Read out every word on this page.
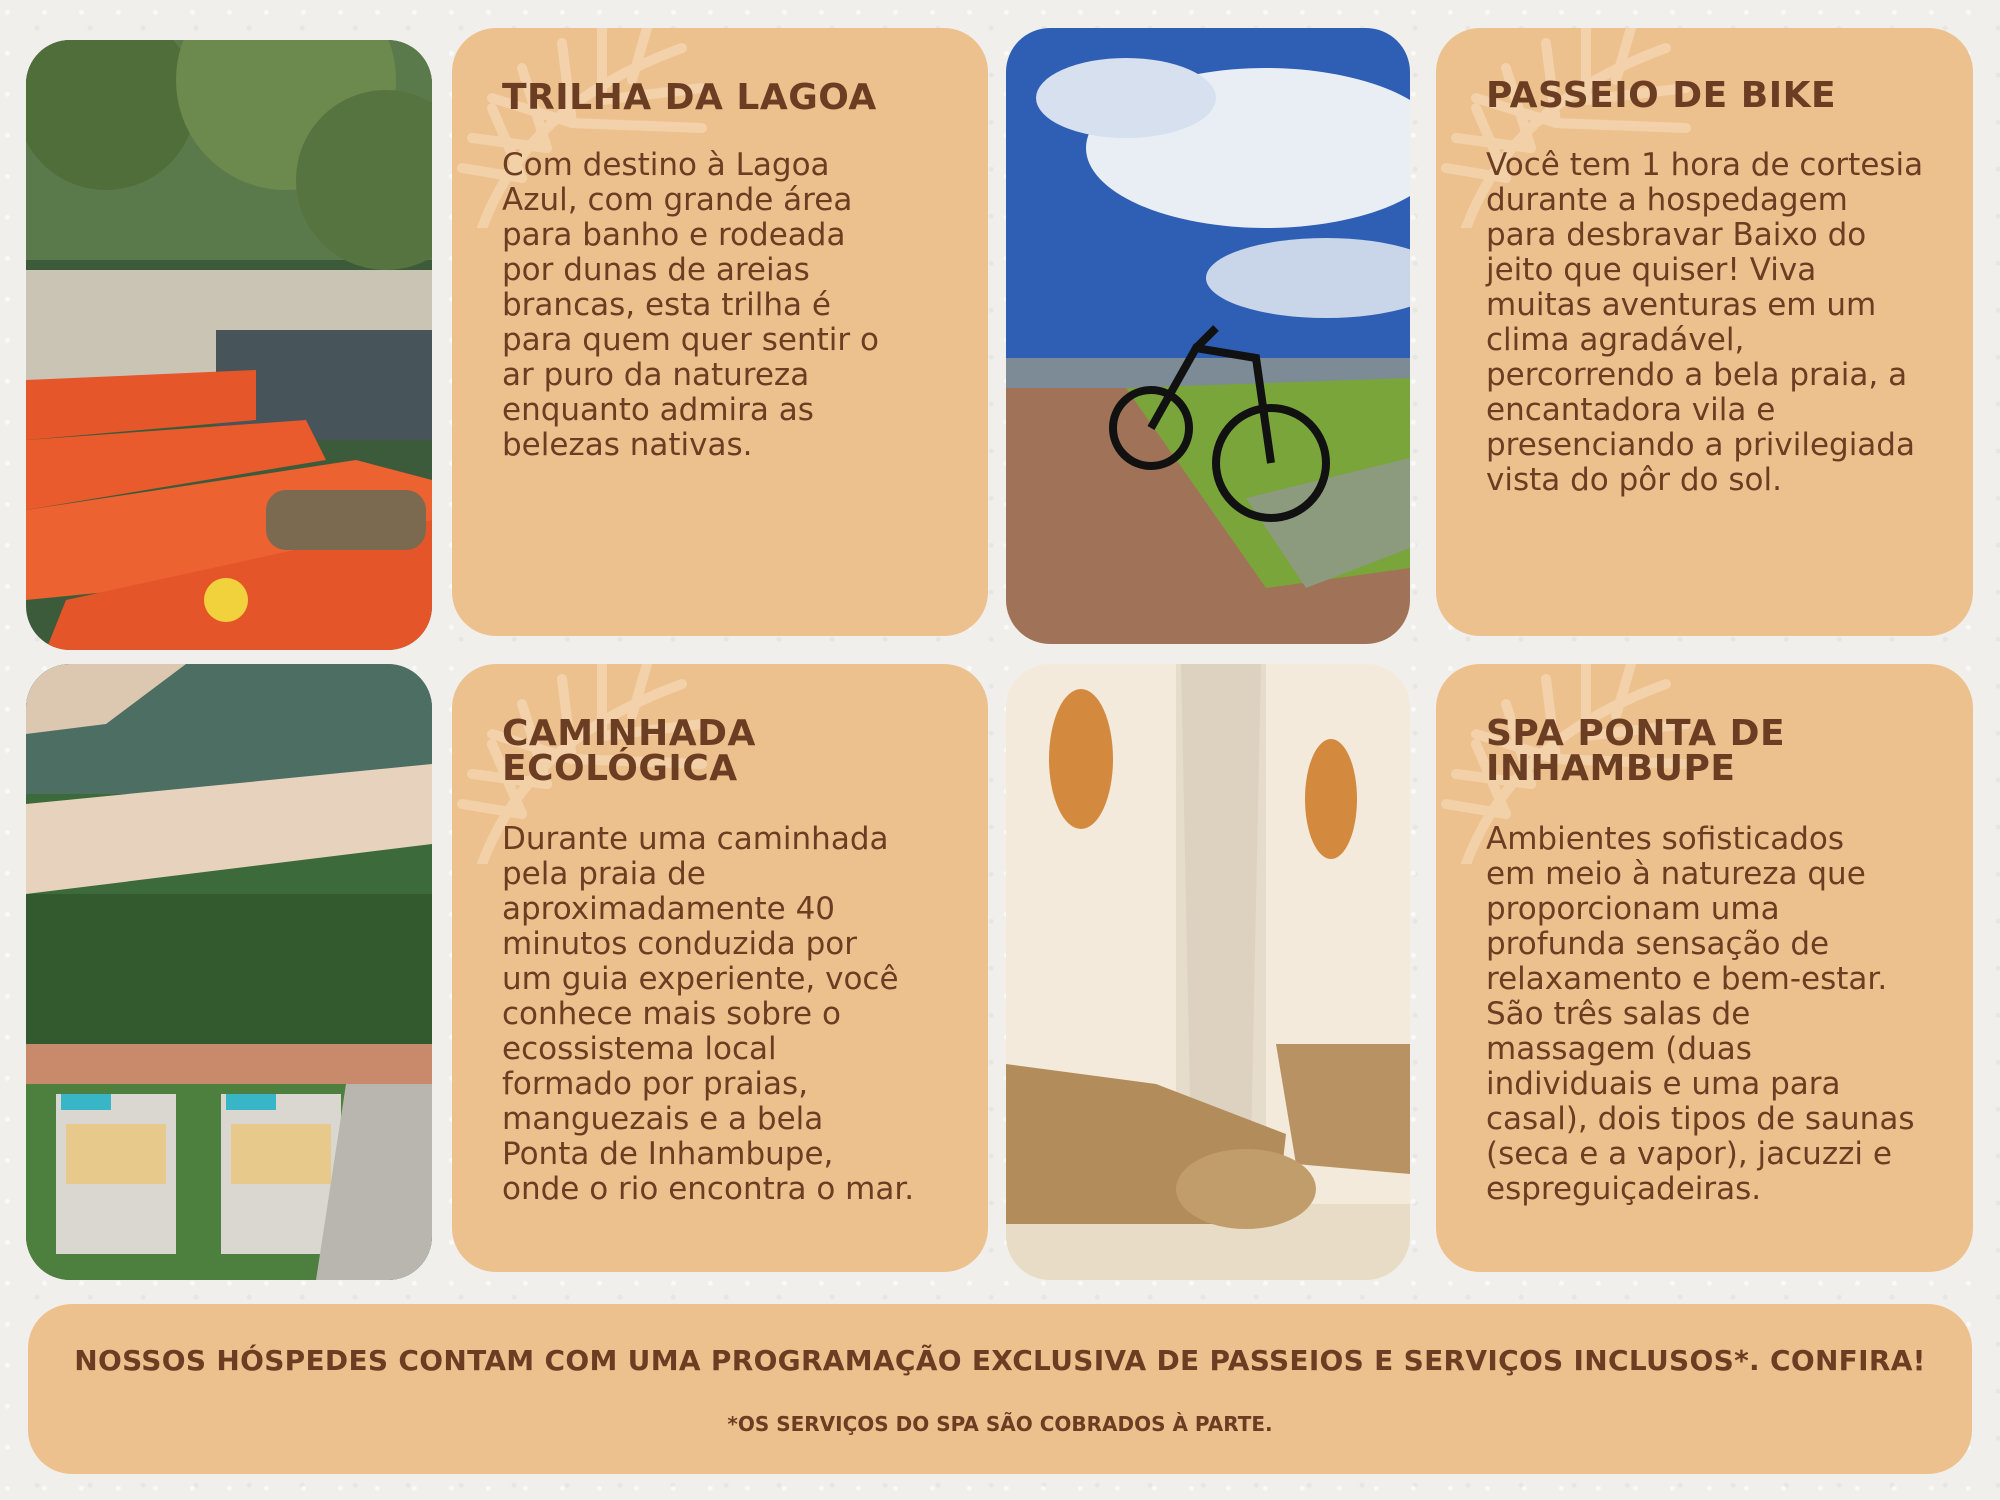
TRILHA DA LAGOA

Com destino à Lagoa
Azul, com grande área
para banho e rodeada
por dunas de areias
brancas, esta trilha é
para quem quer sentir o
ar puro da natureza
enquanto admira as
belezas nativas.

PASSEIO DE BIKE

Você tem 1 hora de cortesia
durante a hospedagem
para desbravar Baixo do
jeito que quiser! Viva
muitas aventuras em um
clima agradável,
percorrendo a bela praia, a
encantadora vila e
presenciando a privilegiada
vista do pôr do sol.

CAMINHADA
ECOLÓGICA

Durante uma caminhada
pela praia de
aproximadamente 40
minutos conduzida por
um guia experiente, você
conhece mais sobre o
ecossistema local
formado por praias,
manguezais e a bela
Ponta de Inhambupe,
onde o rio encontra o mar.

SPA PONTA DE
INHAMBUPE

Ambientes sofisticados
em meio à natureza que
proporcionam uma
profunda sensação de
relaxamento e bem-estar.
São três salas de
massagem (duas
individuais e uma para
casal), dois tipos de saunas
(seca e a vapor), jacuzzi e
espreguiçadeiras.

NOSSOS HÓSPEDES CONTAM COM UMA PROGRAMAÇÃO EXCLUSIVA DE PASSEIOS E SERVIÇOS INCLUSOS*. CONFIRA!
*OS SERVIÇOS DO SPA SÃO COBRADOS À PARTE.
